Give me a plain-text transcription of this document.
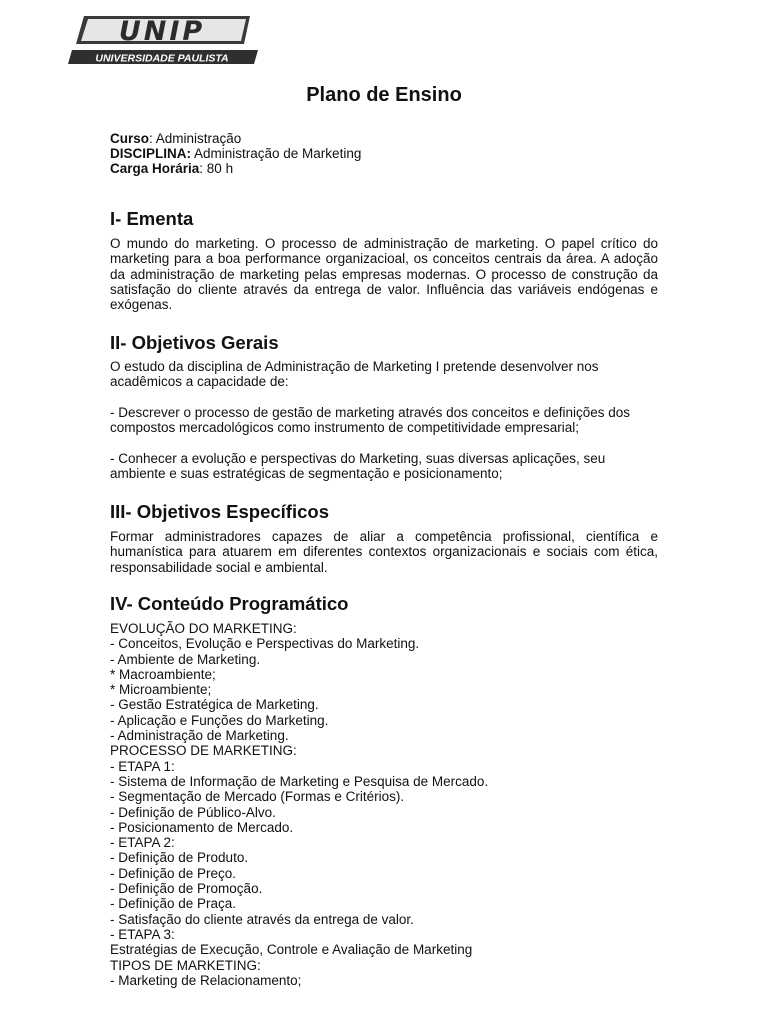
UNIP
UNIVERSIDADE PAULISTA
Plano de Ensino
Curso: Administração
DISCIPLINA: Administração de Marketing
Carga Horária: 80 h
I- Ementa
O mundo do marketing. O processo de administração de marketing. O papel crítico do marketing para a boa performance organizacioal, os conceitos centrais da área. A adoção da administração de marketing pelas empresas modernas. O processo de construção da satisfação do cliente através da entrega de valor. Influência das variáveis endógenas e exógenas.
II- Objetivos Gerais
O estudo da disciplina de Administração de Marketing I pretende desenvolver nos acadêmicos a capacidade de:
- Descrever o processo de gestão de marketing através dos conceitos e definições dos compostos mercadológicos como instrumento de competitividade empresarial;
- Conhecer a evolução e perspectivas do Marketing, suas diversas aplicações, seu ambiente e suas estratégicas de segmentação e posicionamento;
III- Objetivos Específicos
Formar administradores capazes de aliar a competência profissional, científica e humanística para atuarem em diferentes contextos organizacionais e sociais com ética, responsabilidade social e ambiental.
IV- Conteúdo Programático
EVOLUÇÃO DO MARKETING:
- Conceitos, Evolução e Perspectivas do Marketing.
- Ambiente de Marketing.
* Macroambiente;
* Microambiente;
- Gestão Estratégica de Marketing.
- Aplicação e Funções do Marketing.
- Administração de Marketing.
PROCESSO DE MARKETING:
- ETAPA 1:
- Sistema de Informação de Marketing e Pesquisa de Mercado.
- Segmentação de Mercado (Formas e Critérios).
- Definição de Público-Alvo.
- Posicionamento de Mercado.
- ETAPA 2:
- Definição de Produto.
- Definição de Preço.
- Definição de Promoção.
- Definição de Praça.
- Satisfação do cliente através da entrega de valor.
- ETAPA 3:
Estratégias de Execução, Controle e Avaliação de Marketing
TIPOS DE MARKETING:
- Marketing de Relacionamento;
